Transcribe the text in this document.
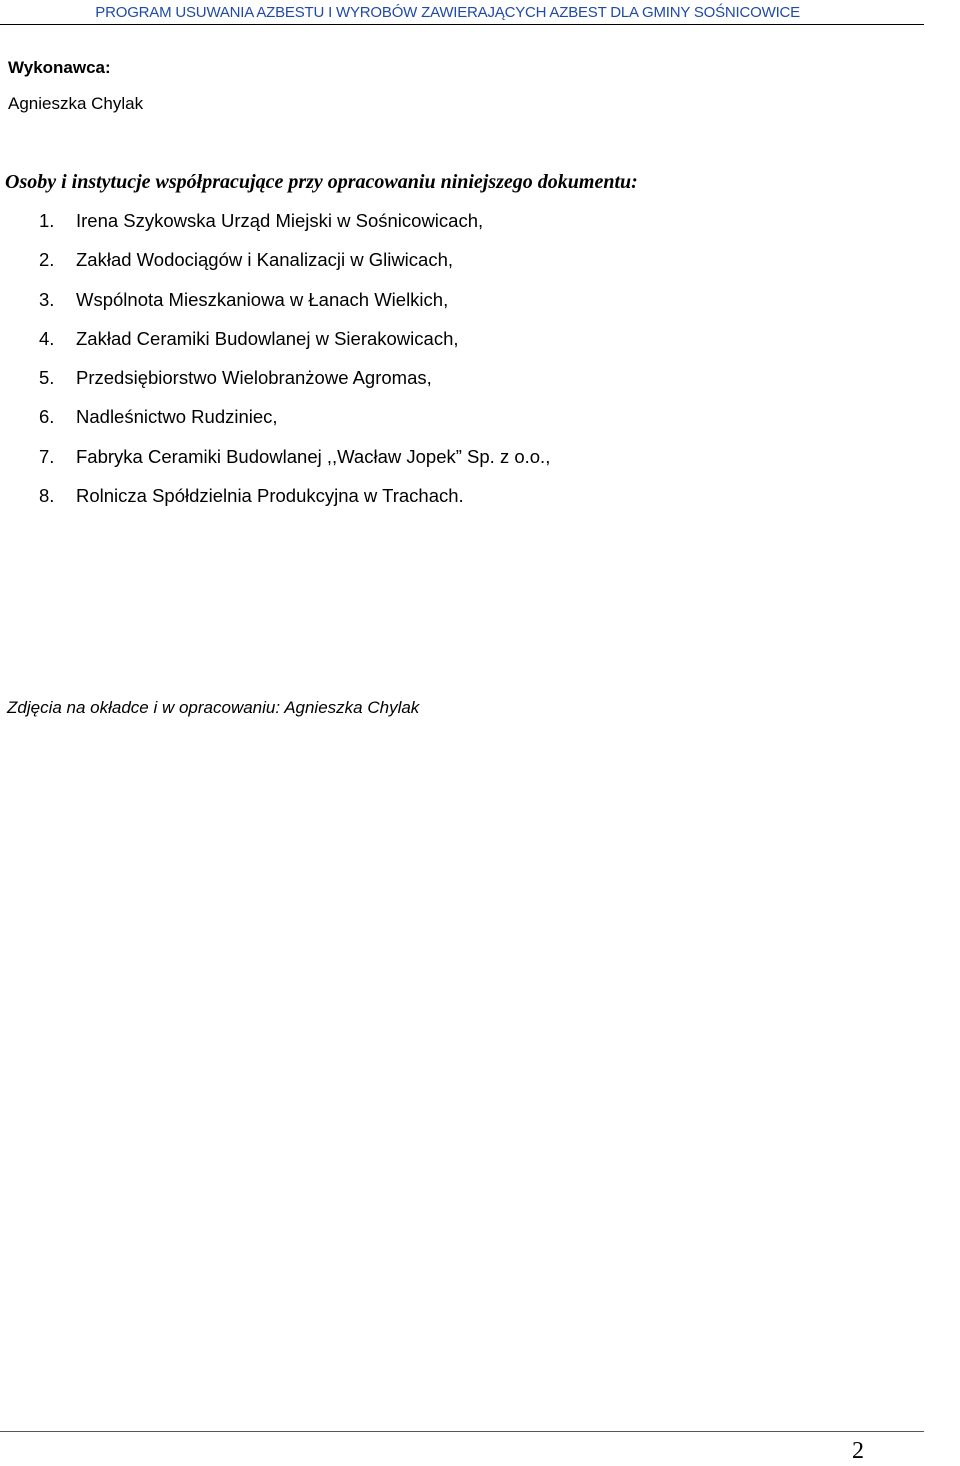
PROGRAM USUWANIA AZBESTU I WYROBÓW ZAWIERAJĄCYCH AZBEST DLA GMINY SOŚNICOWICE
Wykonawca:
Agnieszka Chylak
Osoby i instytucje współpracujące przy opracowaniu niniejszego dokumentu:
1. Irena Szykowska Urząd Miejski w Sośnicowicach,
2. Zakład Wodociągów i Kanalizacji w Gliwicach,
3. Wspólnota Mieszkaniowa w Łanach Wielkich,
4. Zakład Ceramiki Budowlanej w Sierakowicach,
5. Przedsiębiorstwo Wielobranżowe Agromas,
6. Nadleśnictwo Rudziniec,
7. Fabryka Ceramiki Budowlanej ,,Wacław Jopek” Sp. z o.o.,
8. Rolnicza Spółdzielnia Produkcyjna w Trachach.
Zdjęcia na okładce i w opracowaniu: Agnieszka Chylak
2
